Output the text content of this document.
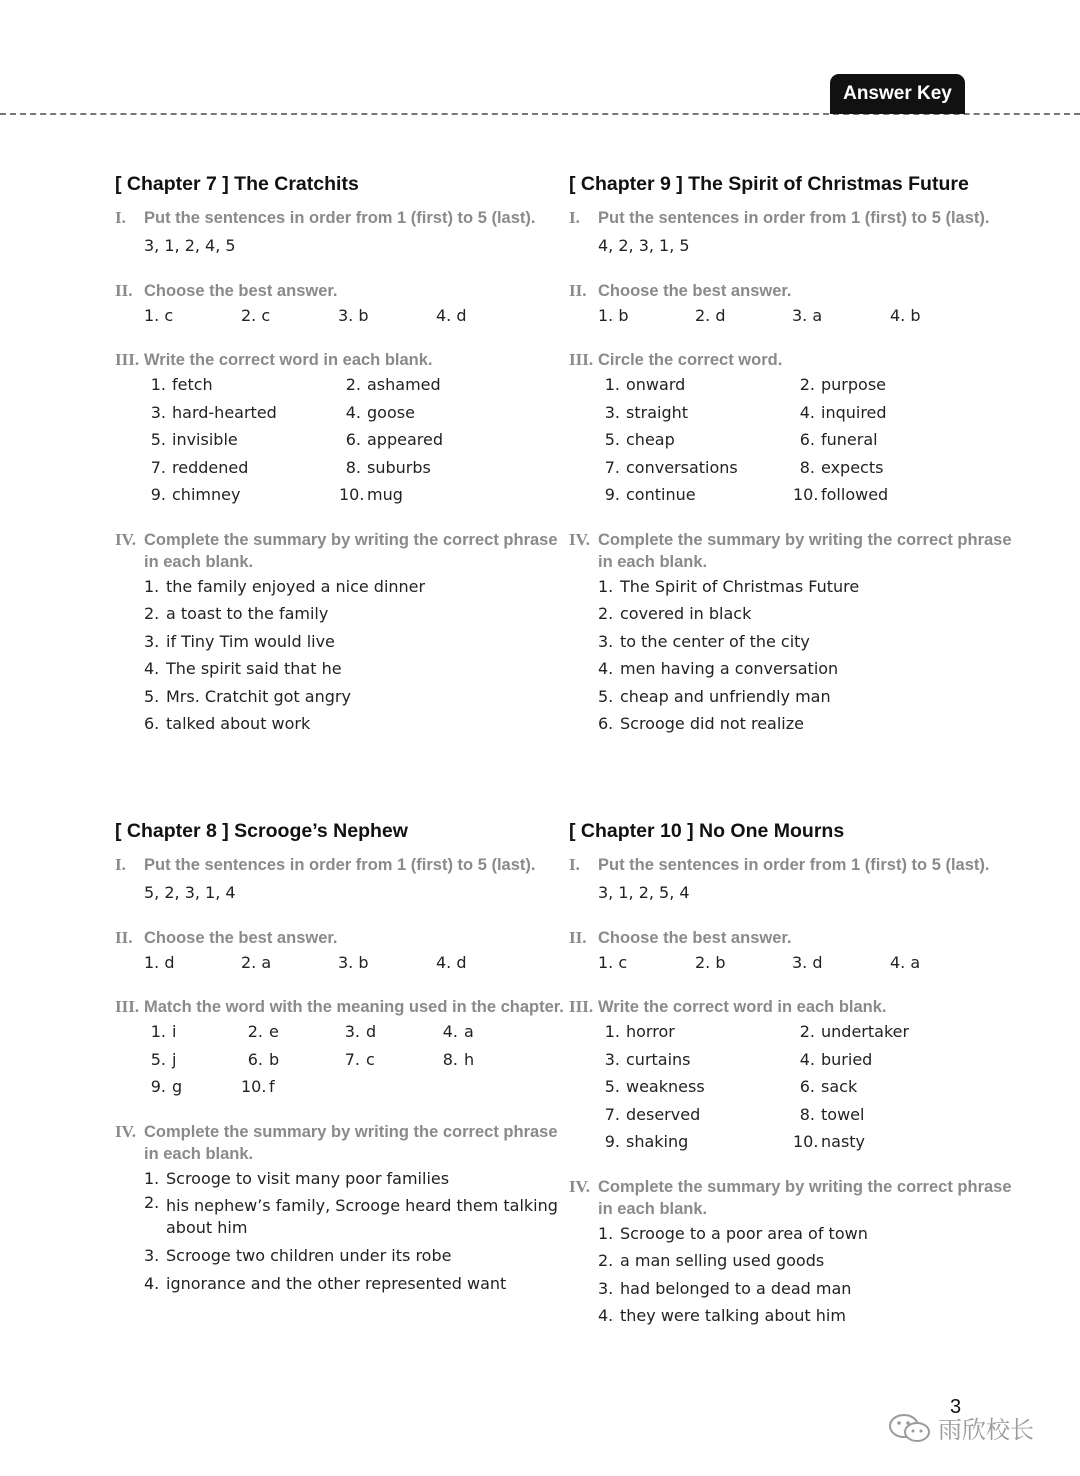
Answer Key
[ Chapter 7 ] The Cratchits
I. Put the sentences in order from 1 (first) to 5 (last).
3, 1, 2, 4, 5
II. Choose the best answer.
1. c	2. c	3. b	4. d
III. Write the correct word in each blank.
1. fetch	2. ashamed
3. hard-hearted	4. goose
5. invisible	6. appeared
7. reddened	8. suburbs
9. chimney	10. mug
IV. Complete the summary by writing the correct phrase in each blank.
1. the family enjoyed a nice dinner
2. a toast to the family
3. if Tiny Tim would live
4. The spirit said that he
5. Mrs. Cratchit got angry
6. talked about work
[ Chapter 9 ] The Spirit of Christmas Future
I. Put the sentences in order from 1 (first) to 5 (last).
4, 2, 3, 1, 5
II. Choose the best answer.
1. b	2. d	3. a	4. b
III. Circle the correct word.
1. onward	2. purpose
3. straight	4. inquired
5. cheap	6. funeral
7. conversations	8. expects
9. continue	10. followed
IV. Complete the summary by writing the correct phrase in each blank.
1. The Spirit of Christmas Future
2. covered in black
3. to the center of the city
4. men having a conversation
5. cheap and unfriendly man
6. Scrooge did not realize
[ Chapter 8 ] Scrooge’s Nephew
I. Put the sentences in order from 1 (first) to 5 (last).
5, 2, 3, 1, 4
II. Choose the best answer.
1. d	2. a	3. b	4. d
III. Match the word with the meaning used in the chapter.
1. i	2. e	3. d	4. a
5. j	6. b	7. c	8. h
9. g	10. f
IV. Complete the summary by writing the correct phrase in each blank.
1. Scrooge to visit many poor families
2. his nephew’s family, Scrooge heard them talking about him
3. Scrooge two children under its robe
4. ignorance and the other represented want
[ Chapter 10 ] No One Mourns
I. Put the sentences in order from 1 (first) to 5 (last).
3, 1, 2, 5, 4
II. Choose the best answer.
1. c	2. b	3. d	4. a
III. Write the correct word in each blank.
1. horror	2. undertaker
3. curtains	4. buried
5. weakness	6. sack
7. deserved	8. towel
9. shaking	10. nasty
IV. Complete the summary by writing the correct phrase in each blank.
1. Scrooge to a poor area of town
2. a man selling used goods
3. had belonged to a dead man
4. they were talking about him
3
雨欣校长
